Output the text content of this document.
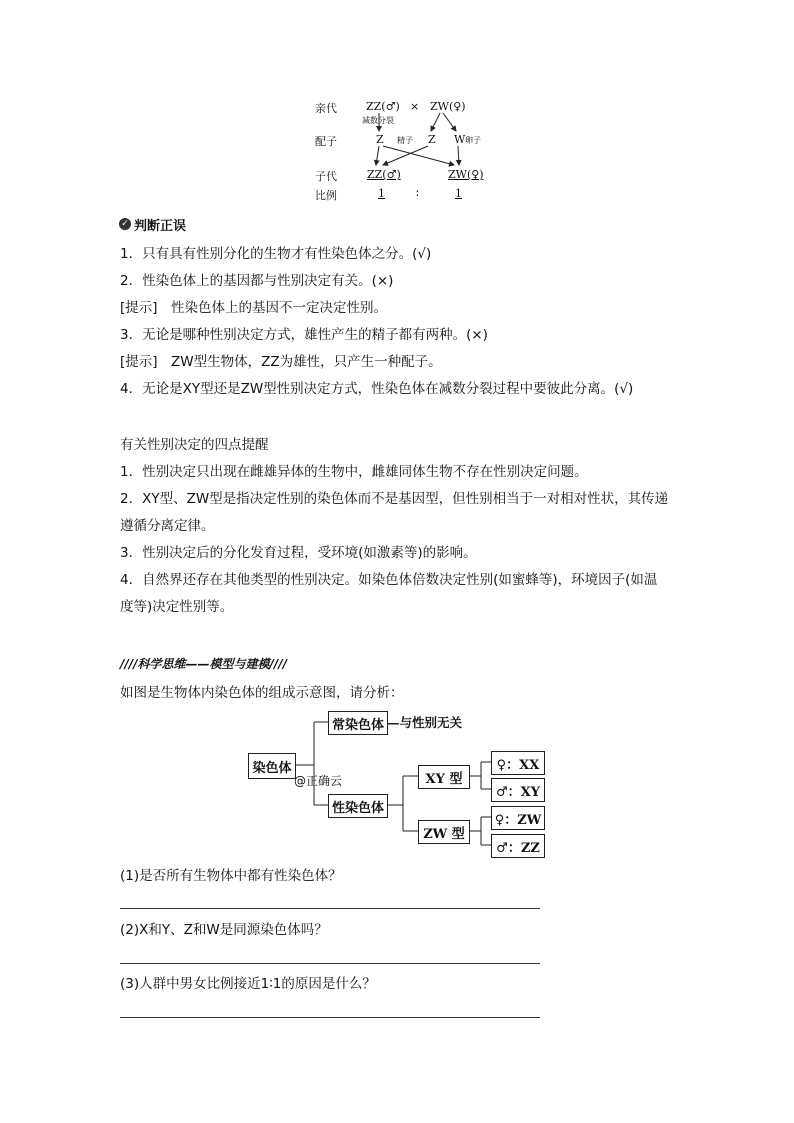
亲代	ZZ(♂) × ZW(♀)
减数分裂
配子	Z 精子 Z W 卵子
子代	ZZ(♂)	ZW(♀)
比例	1	∶	1
✓ 判断正误
1．只有具有性别分化的生物才有性染色体之分。(√)
2．性染色体上的基因都与性别决定有关。(×)
[提示]　性染色体上的基因不一定决定性别。
3．无论是哪种性别决定方式，雄性产生的精子都有两种。(×)
[提示]　ZW型生物体，ZZ为雄性，只产生一种配子。
4．无论是XY型还是ZW型性别决定方式，性染色体在减数分裂过程中要彼此分离。(√)
有关性别决定的四点提醒
1．性别决定只出现在雌雄异体的生物中，雌雄同体生物不存在性别决定问题。
2．XY型、ZW型是指决定性别的染色体而不是基因型，但性别相当于一对相对性状，其传递
遵循分离定律。
3．性别决定后的分化发育过程，受环境(如激素等)的影响。
4．自然界还存在其他类型的性别决定。如染色体倍数决定性别(如蜜蜂等)，环境因子(如温
度等)决定性别等。
////科学思维——模型与建模////
如图是生物体内染色体的组成示意图，请分析：
染色体
@正确云
常染色体 —与性别无关
性染色体
XY 型
ZW 型
♀：XX
♂：XY
♀：ZW
♂：ZZ
(1)是否所有生物体中都有性染色体？
(2)X和Y、Z和W是同源染色体吗？
(3)人群中男女比例接近1∶1的原因是什么？
